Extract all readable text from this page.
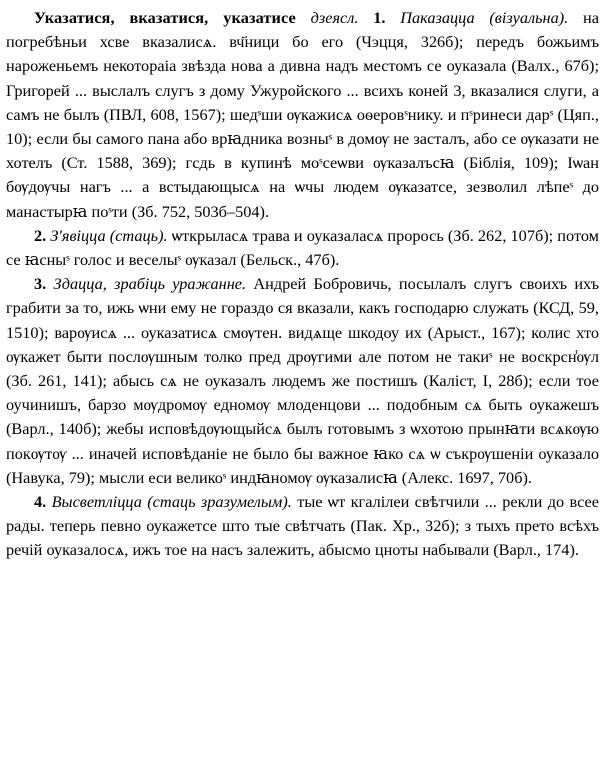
Указатися, вказатися, указатисе дзеясл. 1. Паказацца (візуальна). на погребѣньи хсве вказалисѧ. вч҃ници бо его (Чэцця, 326б); передъ божьимъ нароженьемъ некотораіа звѣзда нова а дивна надъ местомъ се оуказала (Валх., 67б); Григорей ... выслалъ слугъ з дому Ужуройского ... всихъ коней 3, вказалися слуги, а самъ не былъ (ПВЛ, 608, 1567); шедˢши ѹкажисѧ оѳеровˢнику. и пˢринеси дарˢ (Цяп., 10); если бы самого пана або врꙗдника возныˢ в домѹ не засталъ, або се ѹказати не хотелъ (Ст. 1588, 369); гсдь в купинѣ моˢсеѡви ѹказалъсꙗ (Біблія, 109); Іѡан бѹдѹчы нагъ ... а встыдающысѧ на ѡчы людем ѹказатсе, зезволил лѣпеˢ до манастырꙗ поˢти (Зб. 752, 503б–504).

2. З'явіцца (стаць). ѡткрыласѧ трава и оуказаласѧ прорось (Зб. 262, 107б); потом се ꙗсныˢ голос и веселыˢ ѹказал (Бельск., 47б).

3. Здацца, зрабіць уражанне. Андрей Бобровичь, посылалъ слугъ своихъ ихъ грабити за то, ижь ѡни ему не гораздо ся вказали, какъ господарю служать (КСД, 59, 1510); варѹисѧ ... оуказатисѧ смѹтен. видѧще шкодоу их (Арыст., 167); колис хто ѹкажет быти послѹшным толко пред дрѹгими але потом не такиˢ не воскрсн̾ѹл (Зб. 261, 141); абысь сѧ не оуказалъ людемъ же постишъ (Каліст, І, 28б); если тое оучинишъ, барзо мѹдромѹ едномѹ млоденцови ... подобным сѧ быть оукажешъ (Варл., 140б); жебы исповѣдѹющыйсѧ былъ готовымъ з ѡхотою прынꙗти всѧкѹю покѹтѹ ... иначей исповѣданіе не было бы важное ꙗко сѧ ѡ съкрѹшеніи оуказало (Навука, 79); мысли еси великоˢ индꙗномѹ ѹказалисꙗ (Алекс. 1697, 70б).

4. Высветліцца (стаць зразумелым). тые ѡт кгалілеи свѣтчили ... рекли до всее рады. теперь певно оукажетсе што тые свѣтчать (Пак. Хр., 32б); з тыхъ прето всѣхъ речій оуказалосѧ, ижъ тое на насъ залежить, абысмо цноты набывали (Варл., 174).
